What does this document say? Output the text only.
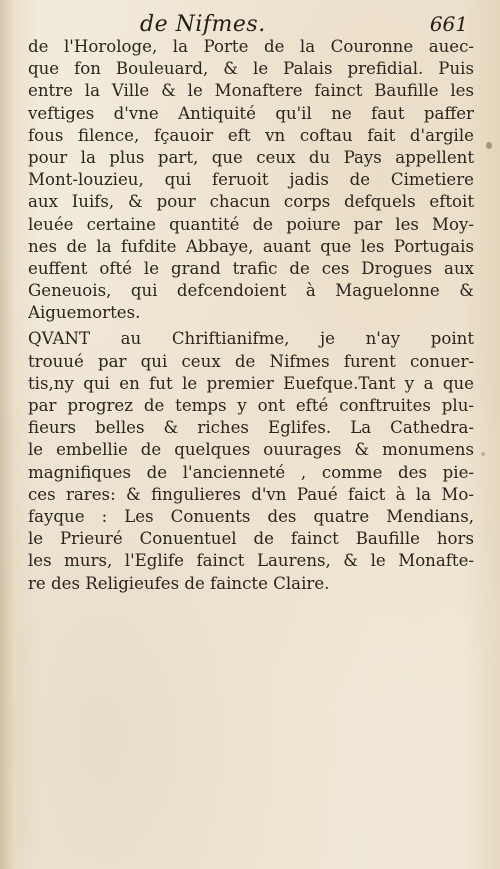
de Nifmes.	661
de l'Horologe, la Porte de la Couronne auec-
que fon Bouleuard, & le Palais prefidial. Puis
entre la Ville & le Monaftere fainct Baufille les
veftiges d'vne Antiquité qu'il ne faut paffer
fous filence, fçauoir eft vn coftau fait d'argile
pour la plus part, que ceux du Pays appellent
Mont-louzieu, qui feruoit jadis de Cimetiere
aux Iuifs, & pour chacun corps defquels eftoit
leuée certaine quantité de poiure par les Moy-
nes de la fufdite Abbaye, auant que les Portugais
euffent ofté le grand trafic de ces Drogues aux
Geneuois, qui defcendoient à Maguelonne &
Aiguemortes.
QVANT au Chriftianifme, je n'ay point
trouué par qui ceux de Nifmes furent conuer-
tis,ny qui en fut le premier Euefque.Tant y a que
par progrez de temps y ont efté conftruites plu-
fieurs belles & riches Eglifes. La Cathedra-
le embellie de quelques ouurages & monumens
magnifiques de l'ancienneté , comme des pie-
ces rares: & fingulieres d'vn Paué faict à la Mo-
fayque : Les Conuents des quatre Mendians,
le Prieuré Conuentuel de fainct Baufille hors
les murs, l'Eglife fainct Laurens, & le Monafte-
re des Religieufes de faincte Claire.
